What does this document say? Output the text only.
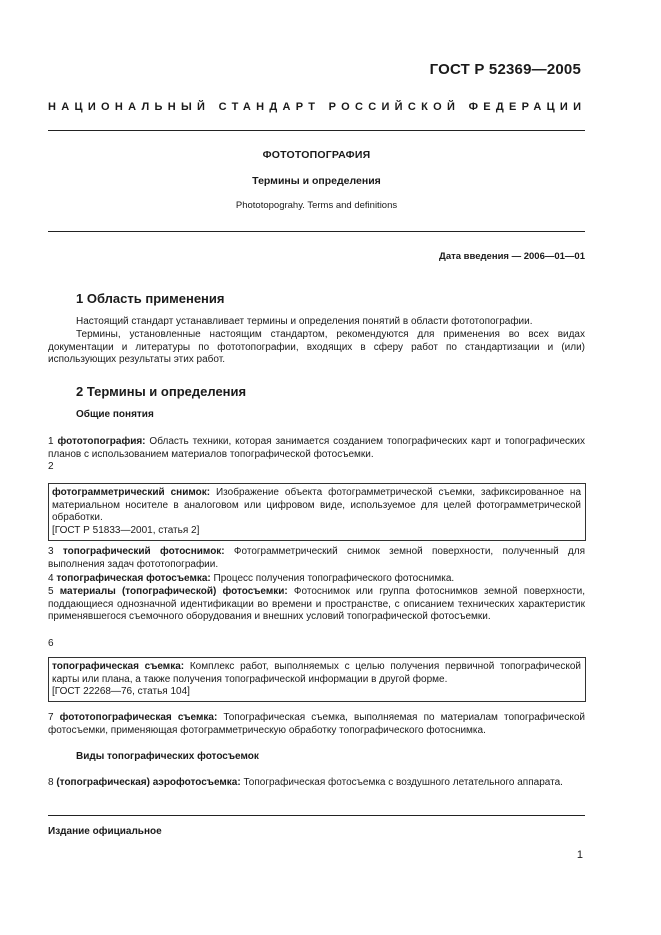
ГОСТ Р 52369—2005
НАЦИОНАЛЬНЫЙ СТАНДАРТ РОССИЙСКОЙ ФЕДЕРАЦИИ
ФОТОТОПОГРАФИЯ
Термины и определения
Phototopograhy. Terms and definitions
Дата введения — 2006—01—01
1 Область применения
Настоящий стандарт устанавливает термины и определения понятий в области фототопографии.
Термины, установленные настоящим стандартом, рекомендуются для применения во всех видах документации и литературы по фототопографии, входящих в сферу работ по стандартизации и (или) использующих результаты этих работ.
2 Термины и определения
Общие понятия
1 фототопография: Область техники, которая занимается созданием топографических карт и топографических планов с использованием материалов топографической фотосъемки.
2
фотограмметрический снимок: Изображение объекта фотограмметрической съемки, зафиксированное на материальном носителе в аналоговом или цифровом виде, используемое для целей фотограмметрической обработки.
[ГОСТ Р 51833—2001, статья 2]
3 топографический фотоснимок: Фотограмметрический снимок земной поверхности, полученный для выполнения задач фототопографии.
4 топографическая фотосъемка: Процесс получения топографического фотоснимка.
5 материалы (топографической) фотосъемки: Фотоснимок или группа фотоснимков земной поверхности, поддающиеся однозначной идентификации во времени и пространстве, с описанием технических характеристик применявшегося съемочного оборудования и внешних условий топографической фотосъемки.
6
топографическая съемка: Комплекс работ, выполняемых с целью получения первичной топографической карты или плана, а также получения топографической информации в другой форме.
[ГОСТ 22268—76, статья 104]
7 фототопографическая съемка: Топографическая съемка, выполняемая по материалам топографической фотосъемки, применяющая фотограмметрическую обработку топографического фотоснимка.
Виды топографических фотосъемок
8 (топографическая) аэрофотосъемка: Топографическая фотосъемка с воздушного летательного аппарата.
Издание официальное
1
